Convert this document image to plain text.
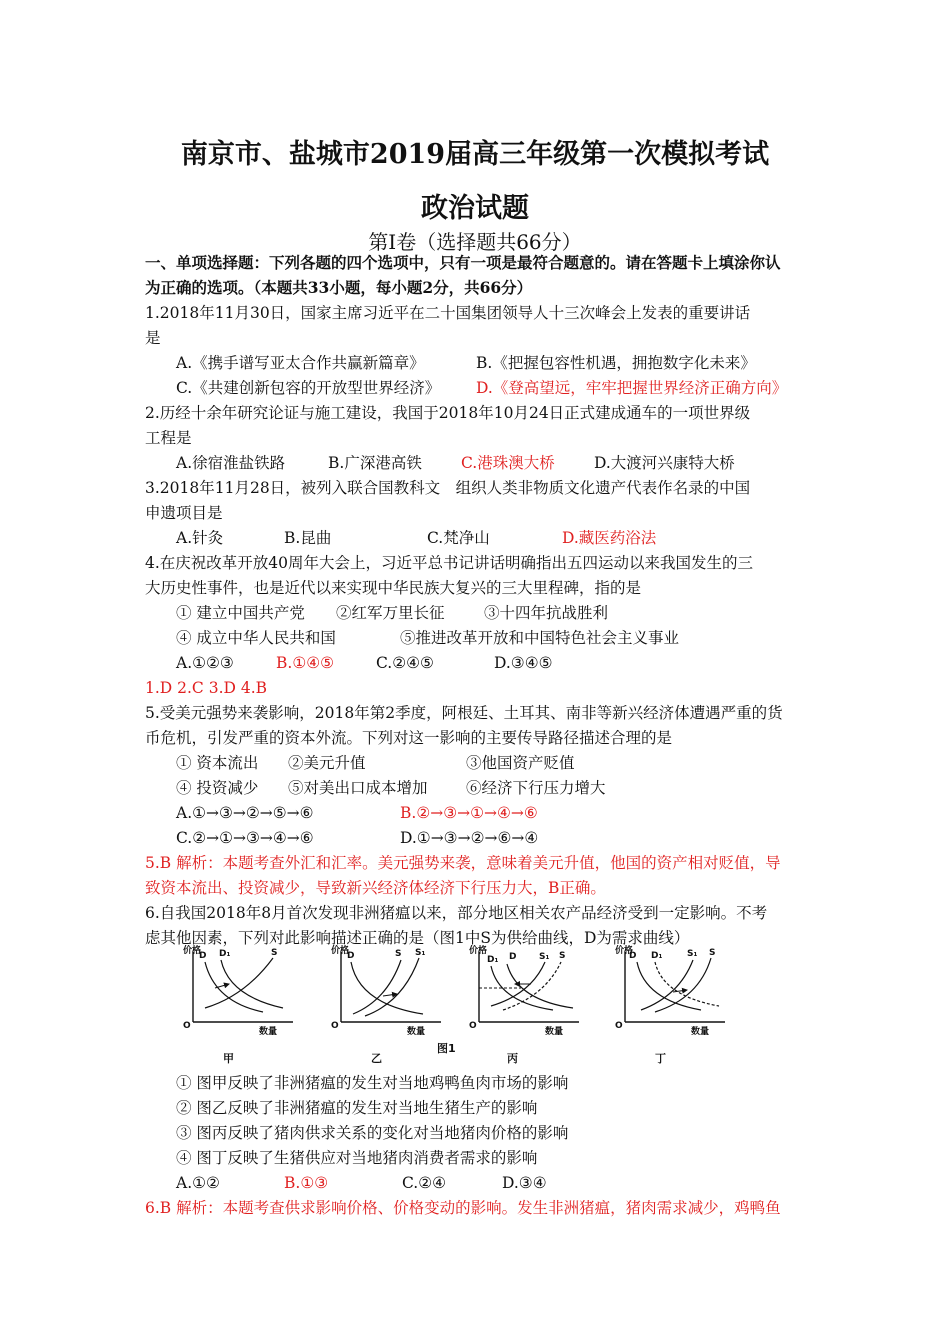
南京市、盐城市2019届高三年级第一次模拟考试
政治试题
第Ⅰ卷（选择题共66分）
一、单项选择题：下列各题的四个选项中，只有一项是最符合题意的。请在答题卡上填涂你认
为正确的选项。（本题共33小题，每小题2分，共66分）
1.2018年11月30日，国家主席习近平在二十国集团领导人十三次峰会上发表的重要讲话
是
A.《携手谱写亚太合作共赢新篇章》	B.《把握包容性机遇，拥抱数字化未来》
C.《共建创新包容的开放型世界经济》 D.《登高望远，牢牢把握世界经济正确方向》
2.历经十余年研究论证与施工建设，我国于2018年10月24日正式建成通车的一项世界级
工程是
A.徐宿淮盐铁路	B.广深港高铁	C.港珠澳大桥	D.大渡河兴康特大桥
3.2018年11月28日，被列入联合国教科文　组织人类非物质文化遗产代表作名录的中国
申遗项目是
A.针灸	B.昆曲	C.梵净山	D.藏医药浴法
4.在庆祝改革开放40周年大会上，习近平总书记讲话明确指出五四运动以来我国发生的三
大历史性事件，也是近代以来实现中华民族大复兴的三大里程碑，指的是
① 建立中国共产党 ②红军万里长征	③十四年抗战胜利
④ 成立中华人民共和国	⑤推进改革开放和中国特色社会主义事业
A.①②③	B.①④⑤	C.②④⑤	D.③④⑤
1.D 2.C 3.D 4.B
5.受美元强势来袭影响，2018年第2季度，阿根廷、土耳其、南非等新兴经济体遭遇严重的货
币危机，引发严重的资本外流。下列对这一影响的主要传导路径描述合理的是
① 资本流出 ②美元升值	③他国资产贬值
④ 投资减少 ⑤对美出口成本增加 ⑥经济下行压力增大
A.①→③→②→⑤→⑥	B.②→③→①→④→⑥
C.②→①→③→④→⑥	D.①→③→②→⑥→④
5.B 解析：本题考查外汇和汇率。美元强势来袭，意味着美元升值，他国的资产相对贬值，导
致资本流出、投资减少，导致新兴经济体经济下行压力大，B正确。
6.自我国2018年8月首次发现非洲猪瘟以来，部分地区相关农产品经济受到一定影响。不考
虑其他因素，下列对此影响描述正确的是（图1中S为供给曲线，D为需求曲线）
价格
数量
O
D D₁	S
甲
价格
数量
O
D	S S₁
乙
价格
数量
O
D₁ D	S₁ S
丙
价格
数量
O
D D₁	S₁ S
丁
图1
① 图甲反映了非洲猪瘟的发生对当地鸡鸭鱼肉市场的影响
② 图乙反映了非洲猪瘟的发生对当地生猪生产的影响
③ 图丙反映了猪肉供求关系的变化对当地猪肉价格的影响
④ 图丁反映了生猪供应对当地猪肉消费者需求的影响
A.①②	B.①③	C.②④	D.③④
6.B 解析：本题考查供求影响价格、价格变动的影响。发生非洲猪瘟，猪肉需求减少，鸡鸭鱼
